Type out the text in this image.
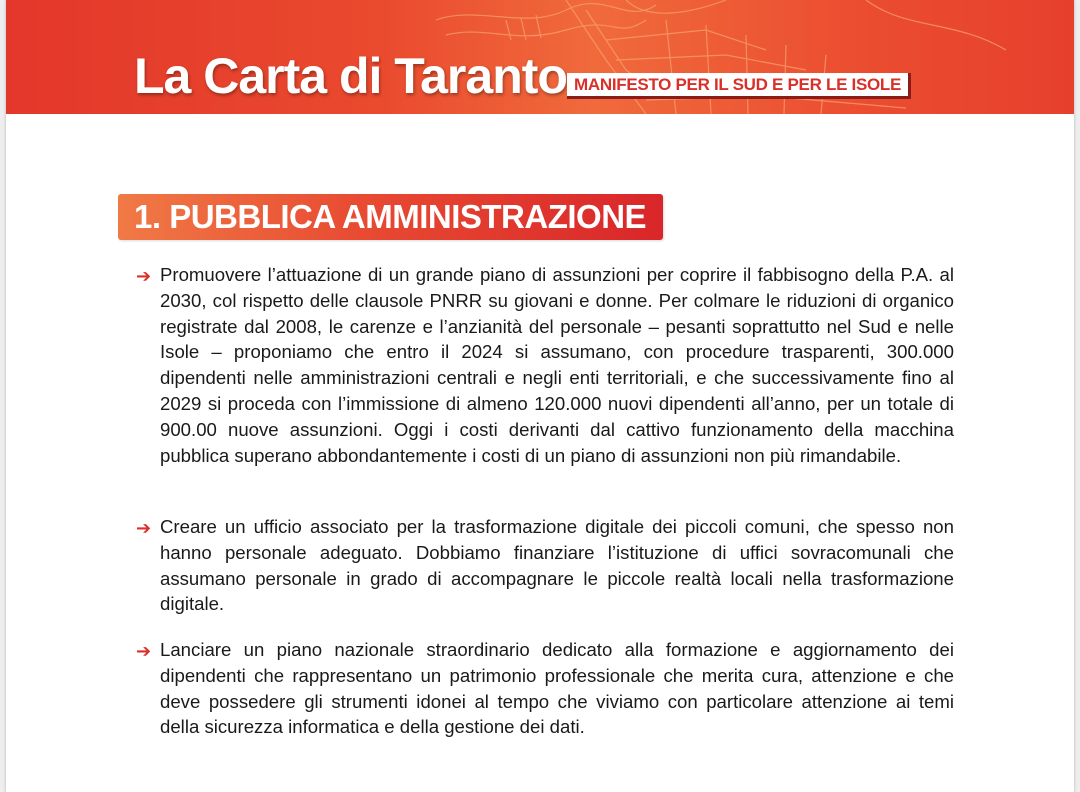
La Carta di Taranto MANIFESTO PER IL SUD E PER LE ISOLE
1. PUBBLICA AMMINISTRAZIONE
➔ Promuovere l’attuazione di un grande piano di assunzioni per coprire il fabbisogno della P.A. al 2030, col rispetto delle clausole PNRR su giovani e donne. Per colmare le riduzioni di organico registrate dal 2008, le carenze e l’anzianità del personale – pesanti soprattutto nel Sud e nelle Isole – proponiamo che entro il 2024 si assumano, con procedure trasparenti, 300.000 dipendenti nelle amministrazioni centrali e negli enti territoriali, e che successivamente fino al 2029 si proceda con l’immissione di almeno 120.000 nuovi dipendenti all’anno, per un totale di 900.00 nuove assunzioni. Oggi i costi derivanti dal cattivo funzionamento della macchina pubblica superano abbondantemente i costi di un piano di assunzioni non più rimandabile.
➔ Creare un ufficio associato per la trasformazione digitale dei piccoli comuni, che spesso non hanno personale adeguato. Dobbiamo finanziare l’istituzione di uffici sovracomunali che assumano personale in grado di accompagnare le piccole realtà locali nella trasformazione digitale.
➔ Lanciare un piano nazionale straordinario dedicato alla formazione e aggiornamento dei dipendenti che rappresentano un patrimonio professionale che merita cura, attenzione e che deve possedere gli strumenti idonei al tempo che viviamo con particolare attenzione ai temi della sicurezza informatica e della gestione dei dati.
